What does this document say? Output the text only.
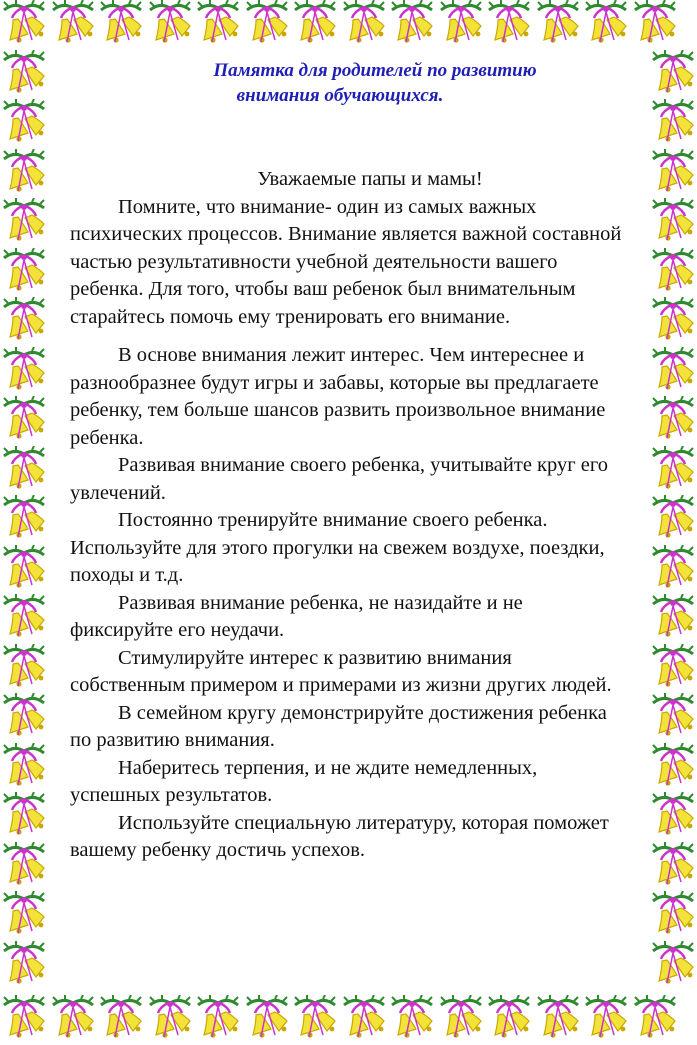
Памятка для родителей по развитию
внимания обучающихся.
Уважаемые папы и мамы!

Помните, что внимание- один из самых важных психических процессов. Внимание является важной составной частью результативности учебной деятельности вашего ребенка. Для того, чтобы ваш ребенок был внимательным старайтесь помочь ему тренировать его внимание.

В основе внимания лежит интерес. Чем интереснее и разнообразнее будут игры и забавы, которые вы предлагаете ребенку, тем больше шансов развить произвольное внимание ребенка.

Развивая внимание своего ребенка, учитывайте круг его увлечений.

Постоянно тренируйте внимание своего ребенка. Используйте для этого прогулки на свежем воздухе, поездки, походы и т.д.

Развивая внимание ребенка, не назидайте и не фиксируйте его неудачи.

Стимулируйте интерес к развитию внимания собственным примером и примерами из жизни других людей.

В семейном кругу демонстрируйте достижения ребенка по развитию внимания.

Наберитесь терпения, и не ждите немедленных, успешных результатов.

Используйте специальную литературу, которая поможет вашему ребенку достичь успехов.
